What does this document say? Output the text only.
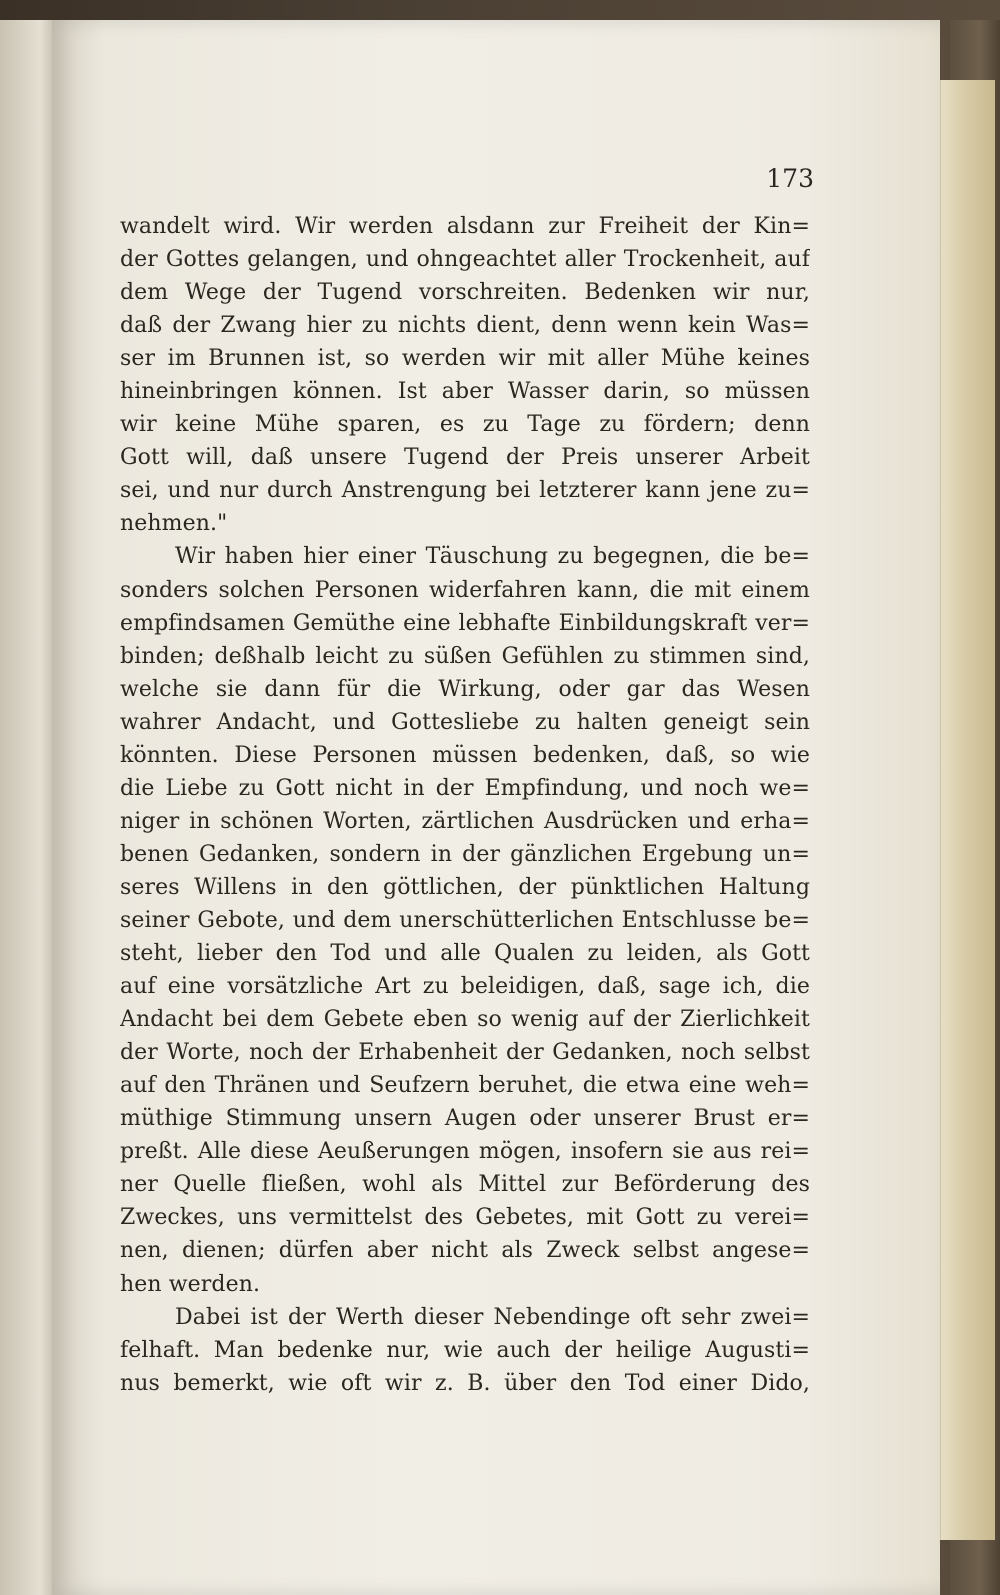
173
wandelt wird. Wir werden alsdann zur Freiheit der Kin=
der Gottes gelangen, und ohngeachtet aller Trockenheit, auf
dem Wege der Tugend vorschreiten. Bedenken wir nur,
daß der Zwang hier zu nichts dient, denn wenn kein Was=
ser im Brunnen ist, so werden wir mit aller Mühe keines
hineinbringen können. Ist aber Wasser darin, so müssen
wir keine Mühe sparen, es zu Tage zu fördern; denn
Gott will, daß unsere Tugend der Preis unserer Arbeit
sei, und nur durch Anstrengung bei letzterer kann jene zu=
nehmen."
Wir haben hier einer Täuschung zu begegnen, die be=
sonders solchen Personen widerfahren kann, die mit einem
empfindsamen Gemüthe eine lebhafte Einbildungskraft ver=
binden; deßhalb leicht zu süßen Gefühlen zu stimmen sind,
welche sie dann für die Wirkung, oder gar das Wesen
wahrer Andacht, und Gottesliebe zu halten geneigt sein
könnten. Diese Personen müssen bedenken, daß, so wie
die Liebe zu Gott nicht in der Empfindung, und noch we=
niger in schönen Worten, zärtlichen Ausdrücken und erha=
benen Gedanken, sondern in der gänzlichen Ergebung un=
seres Willens in den göttlichen, der pünktlichen Haltung
seiner Gebote, und dem unerschütterlichen Entschlusse be=
steht, lieber den Tod und alle Qualen zu leiden, als Gott
auf eine vorsätzliche Art zu beleidigen, daß, sage ich, die
Andacht bei dem Gebete eben so wenig auf der Zierlichkeit
der Worte, noch der Erhabenheit der Gedanken, noch selbst
auf den Thränen und Seufzern beruhet, die etwa eine weh=
müthige Stimmung unsern Augen oder unserer Brust er=
preßt. Alle diese Aeußerungen mögen, insofern sie aus rei=
ner Quelle fließen, wohl als Mittel zur Beförderung des
Zweckes, uns vermittelst des Gebetes, mit Gott zu verei=
nen, dienen; dürfen aber nicht als Zweck selbst angese=
hen werden.
Dabei ist der Werth dieser Nebendinge oft sehr zwei=
felhaft. Man bedenke nur, wie auch der heilige Augusti=
nus bemerkt, wie oft wir z. B. über den Tod einer Dido,
